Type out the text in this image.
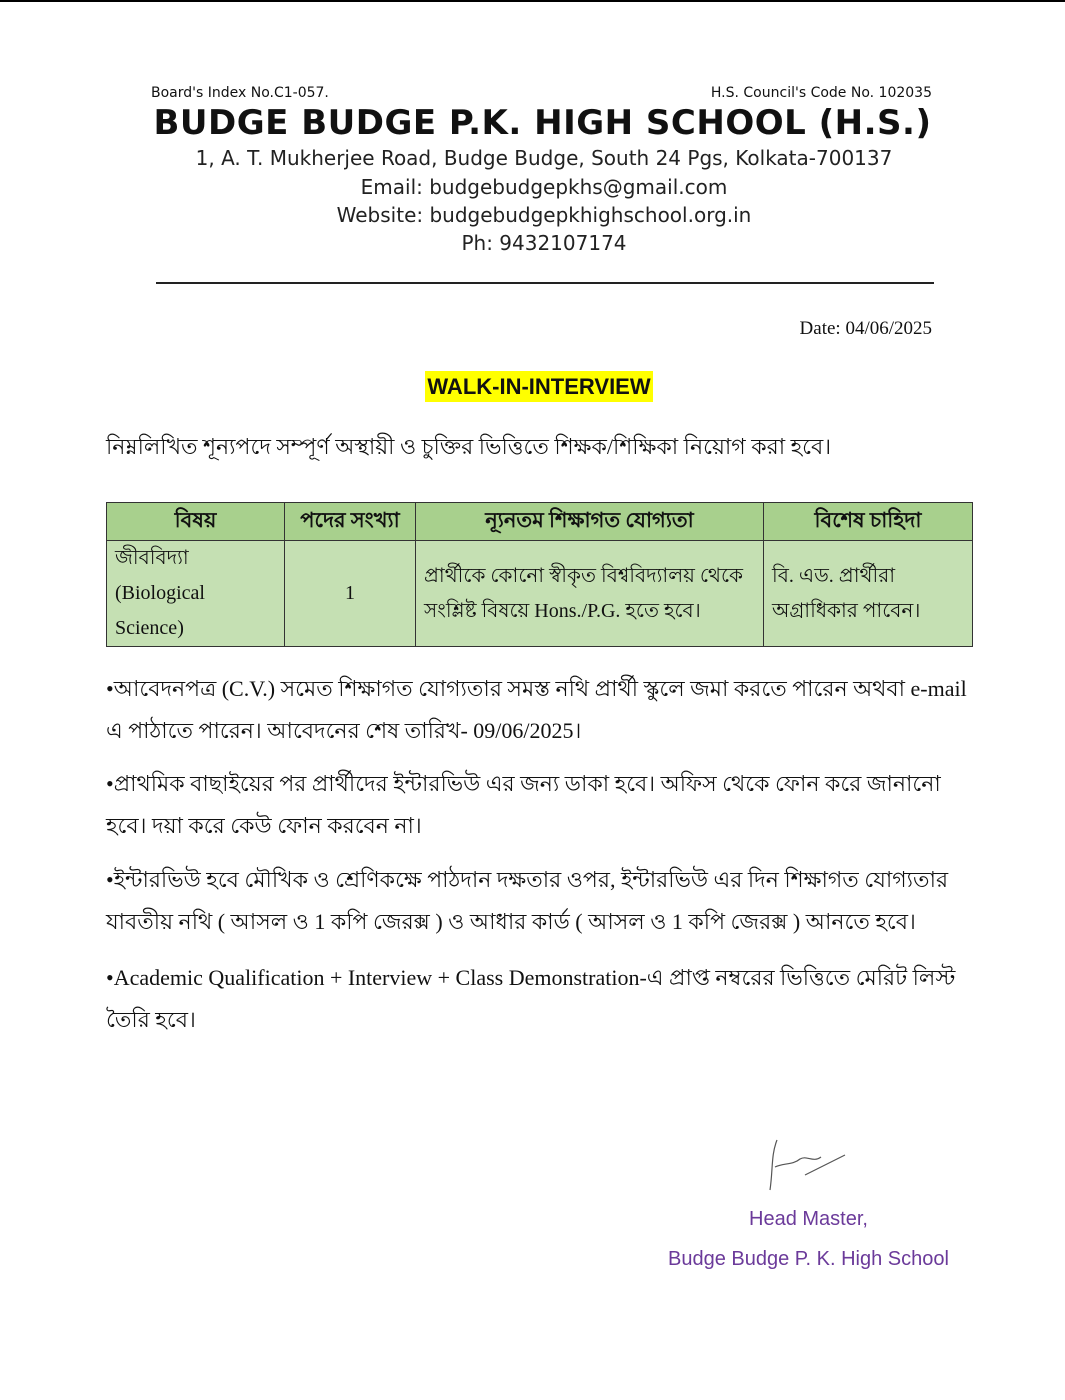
Board's Index No.C1-057.	H.S. Council's Code No. 102035
BUDGE BUDGE P.K. HIGH SCHOOL (H.S.)
1, A. T. Mukherjee Road, Budge Budge, South 24 Pgs, Kolkata-700137
Email: budgebudgepkhs@gmail.com
Website: budgebudgepkhighschool.org.in
Ph: 9432107174
Date: 04/06/2025
WALK-IN-INTERVIEW
নিম্নলিখিত শূন্যপদে সম্পূর্ণ অস্থায়ী ও চুক্তির ভিত্তিতে শিক্ষক/শিক্ষিকা নিয়োগ করা হবে।
বিষয়	পদের সংখ্যা	ন্যূনতম শিক্ষাগত যোগ্যতা	বিশেষ চাহিদা
জীববিদ্যা (Biological Science)	1	প্রার্থীকে কোনো স্বীকৃত বিশ্ববিদ্যালয় থেকে সংশ্লিষ্ট বিষয়ে Hons./P.G. হতে হবে।	বি. এড. প্রার্থীরা অগ্রাধিকার পাবেন।
•আবেদনপত্র (C.V.) সমেত শিক্ষাগত যোগ্যতার সমস্ত নথি প্রার্থী স্কুলে জমা করতে পারেন অথবা e-mail এ পাঠাতে পারেন। আবেদনের শেষ তারিখ- 09/06/2025।
•প্রাথমিক বাছাইয়ের পর প্রার্থীদের ইন্টারভিউ এর জন্য ডাকা হবে। অফিস থেকে ফোন করে জানানো হবে। দয়া করে কেউ ফোন করবেন না।
•ইন্টারভিউ হবে মৌখিক ও শ্রেণিকক্ষে পাঠদান দক্ষতার ওপর, ইন্টারভিউ এর দিন শিক্ষাগত যোগ্যতার যাবতীয় নথি ( আসল ও 1 কপি জেরক্স ) ও আধার কার্ড ( আসল ও 1 কপি জেরক্স ) আনতে হবে।
•Academic Qualification + Interview + Class Demonstration-এ প্রাপ্ত নম্বরের ভিত্তিতে মেরিট লিস্ট তৈরি হবে।
Head Master,
Budge Budge P. K. High School
